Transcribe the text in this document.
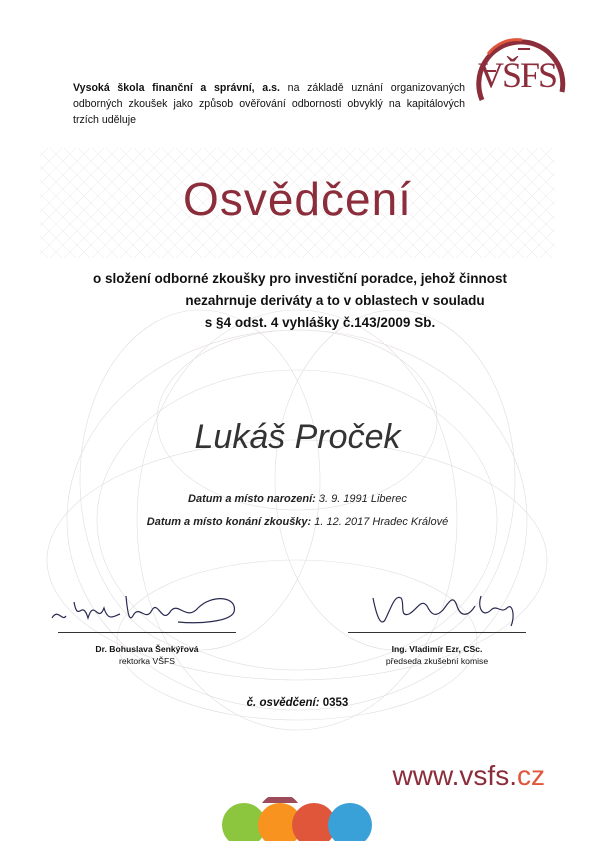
Vysoká škola finanční a správní, a.s. na základě uznání organizovaných odborných zkoušek jako způsob ověřování odbornosti obvyklý na kapitálových trzích uděluje
VŠFS
Osvědčení
o složení odborné zkoušky pro investiční poradce, jehož činnost
nezahrnuje deriváty a to v oblastech v souladu
s §4 odst. 4 vyhlášky č.143/2009 Sb.
Lukáš Proček
Datum a místo narození: 3. 9. 1991 Liberec
Datum a místo konání zkoušky: 1. 12. 2017 Hradec Králové
Dr. Bohuslava Šenkýřová
rektorka VŠFS
Ing. Vladimír Ezr, CSc.
předseda zkušební komise
č. osvědčení: 0353
www.vsfs.cz
